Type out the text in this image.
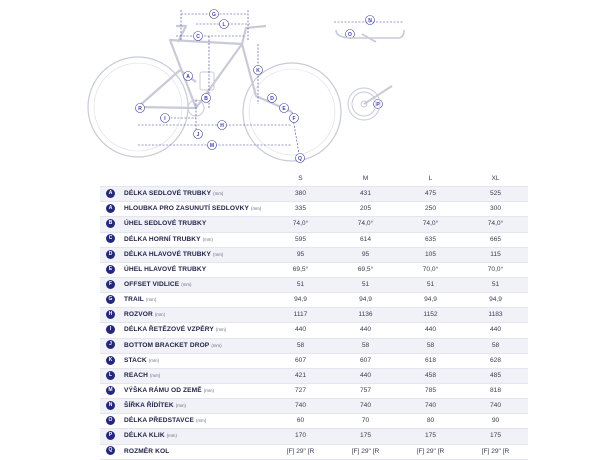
G
L
C
A
B
I
K
N
D
E
F
P
R
H
J
O
M
Q
		S	M	L	XL
A	DÉLKA SEDLOVÉ TRUBKY (mm)	380	431	475	525
A	HLOUBKA PRO ZASUNUTÍ SEDLOVKY (mm)	335	205	250	300
B	ÚHEL SEDLOVÉ TRUBKY	74,0°	74,0°	74,0°	74,0°
C	DÉLKA HORNÍ TRUBKY (mm)	595	614	635	665
D	DÉLKA HLAVOVÉ TRUBKY (mm)	95	95	105	115
E	ÚHEL HLAVOVÉ TRUBKY	69,5°	69,5°	70,0°	70,0°
F	OFFSET VIDLICE (mm)	51	51	51	51
G	TRAIL (mm)	94,9	94,9	94,9	94,9
H	ROZVOR (mm)	1117	1136	1152	1183
I	DÉLKA ŘETĚZOVÉ VZPĚRY (mm)	440	440	440	440
J	BOTTOM BRACKET DROP (mm)	58	58	58	58
K	STACK (mm)	607	607	618	628
L	REACH (mm)	421	440	458	485
M	VÝŠKA RÁMU OD ZEMĚ (mm)	727	757	785	818
N	ŠÍŘKA ŘÍDÍTEK (mm)	740	740	740	740
O	DÉLKA PŘEDSTAVCE (mm)	60	70	80	90
P	DÉLKA KLIK (mm)	170	175	175	175
Q	ROZMĚR KOL	[F] 29" [R	[F] 29" [R	[F] 29" [R	[F] 29" [R
